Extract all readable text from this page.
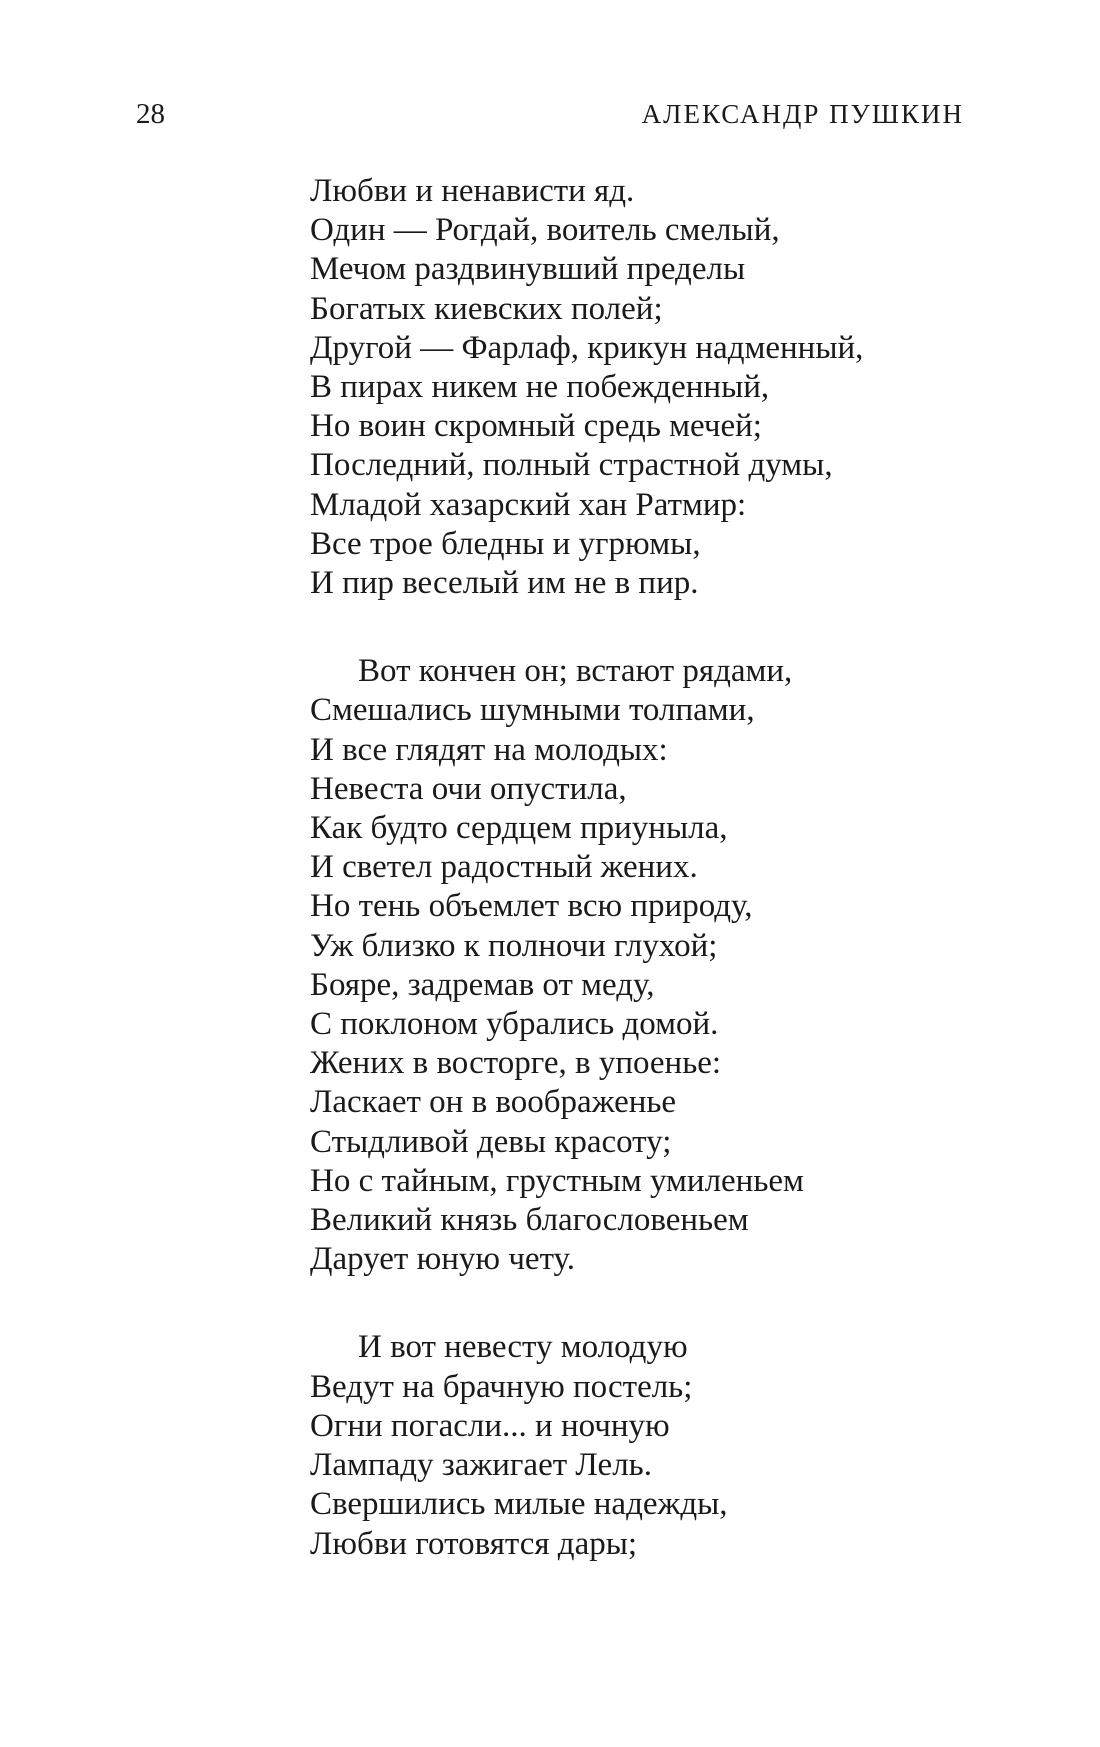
28	АЛЕКСАНДР ПУШКИН
Любви и ненависти яд.
Один — Рогдай, воитель смелый,
Мечом раздвинувший пределы
Богатых киевских полей;
Другой — Фарлаф, крикун надменный,
В пирах никем не побежденный,
Но воин скромный средь мечей;
Последний, полный страстной думы,
Младой хазарский хан Ратмир:
Все трое бледны и угрюмы,
И пир веселый им не в пир.
Вот кончен он; встают рядами,
Смешались шумными толпами,
И все глядят на молодых:
Невеста очи опустила,
Как будто сердцем приуныла,
И светел радостный жених.
Но тень объемлет всю природу,
Уж близко к полночи глухой;
Бояре, задремав от меду,
С поклоном убрались домой.
Жених в восторге, в упоенье:
Ласкает он в воображенье
Стыдливой девы красоту;
Но с тайным, грустным умиленьем
Великий князь благословеньем
Дарует юную чету.
И вот невесту молодую
Ведут на брачную постель;
Огни погасли... и ночную
Лампаду зажигает Лель.
Свершились милые надежды,
Любви готовятся дары;
